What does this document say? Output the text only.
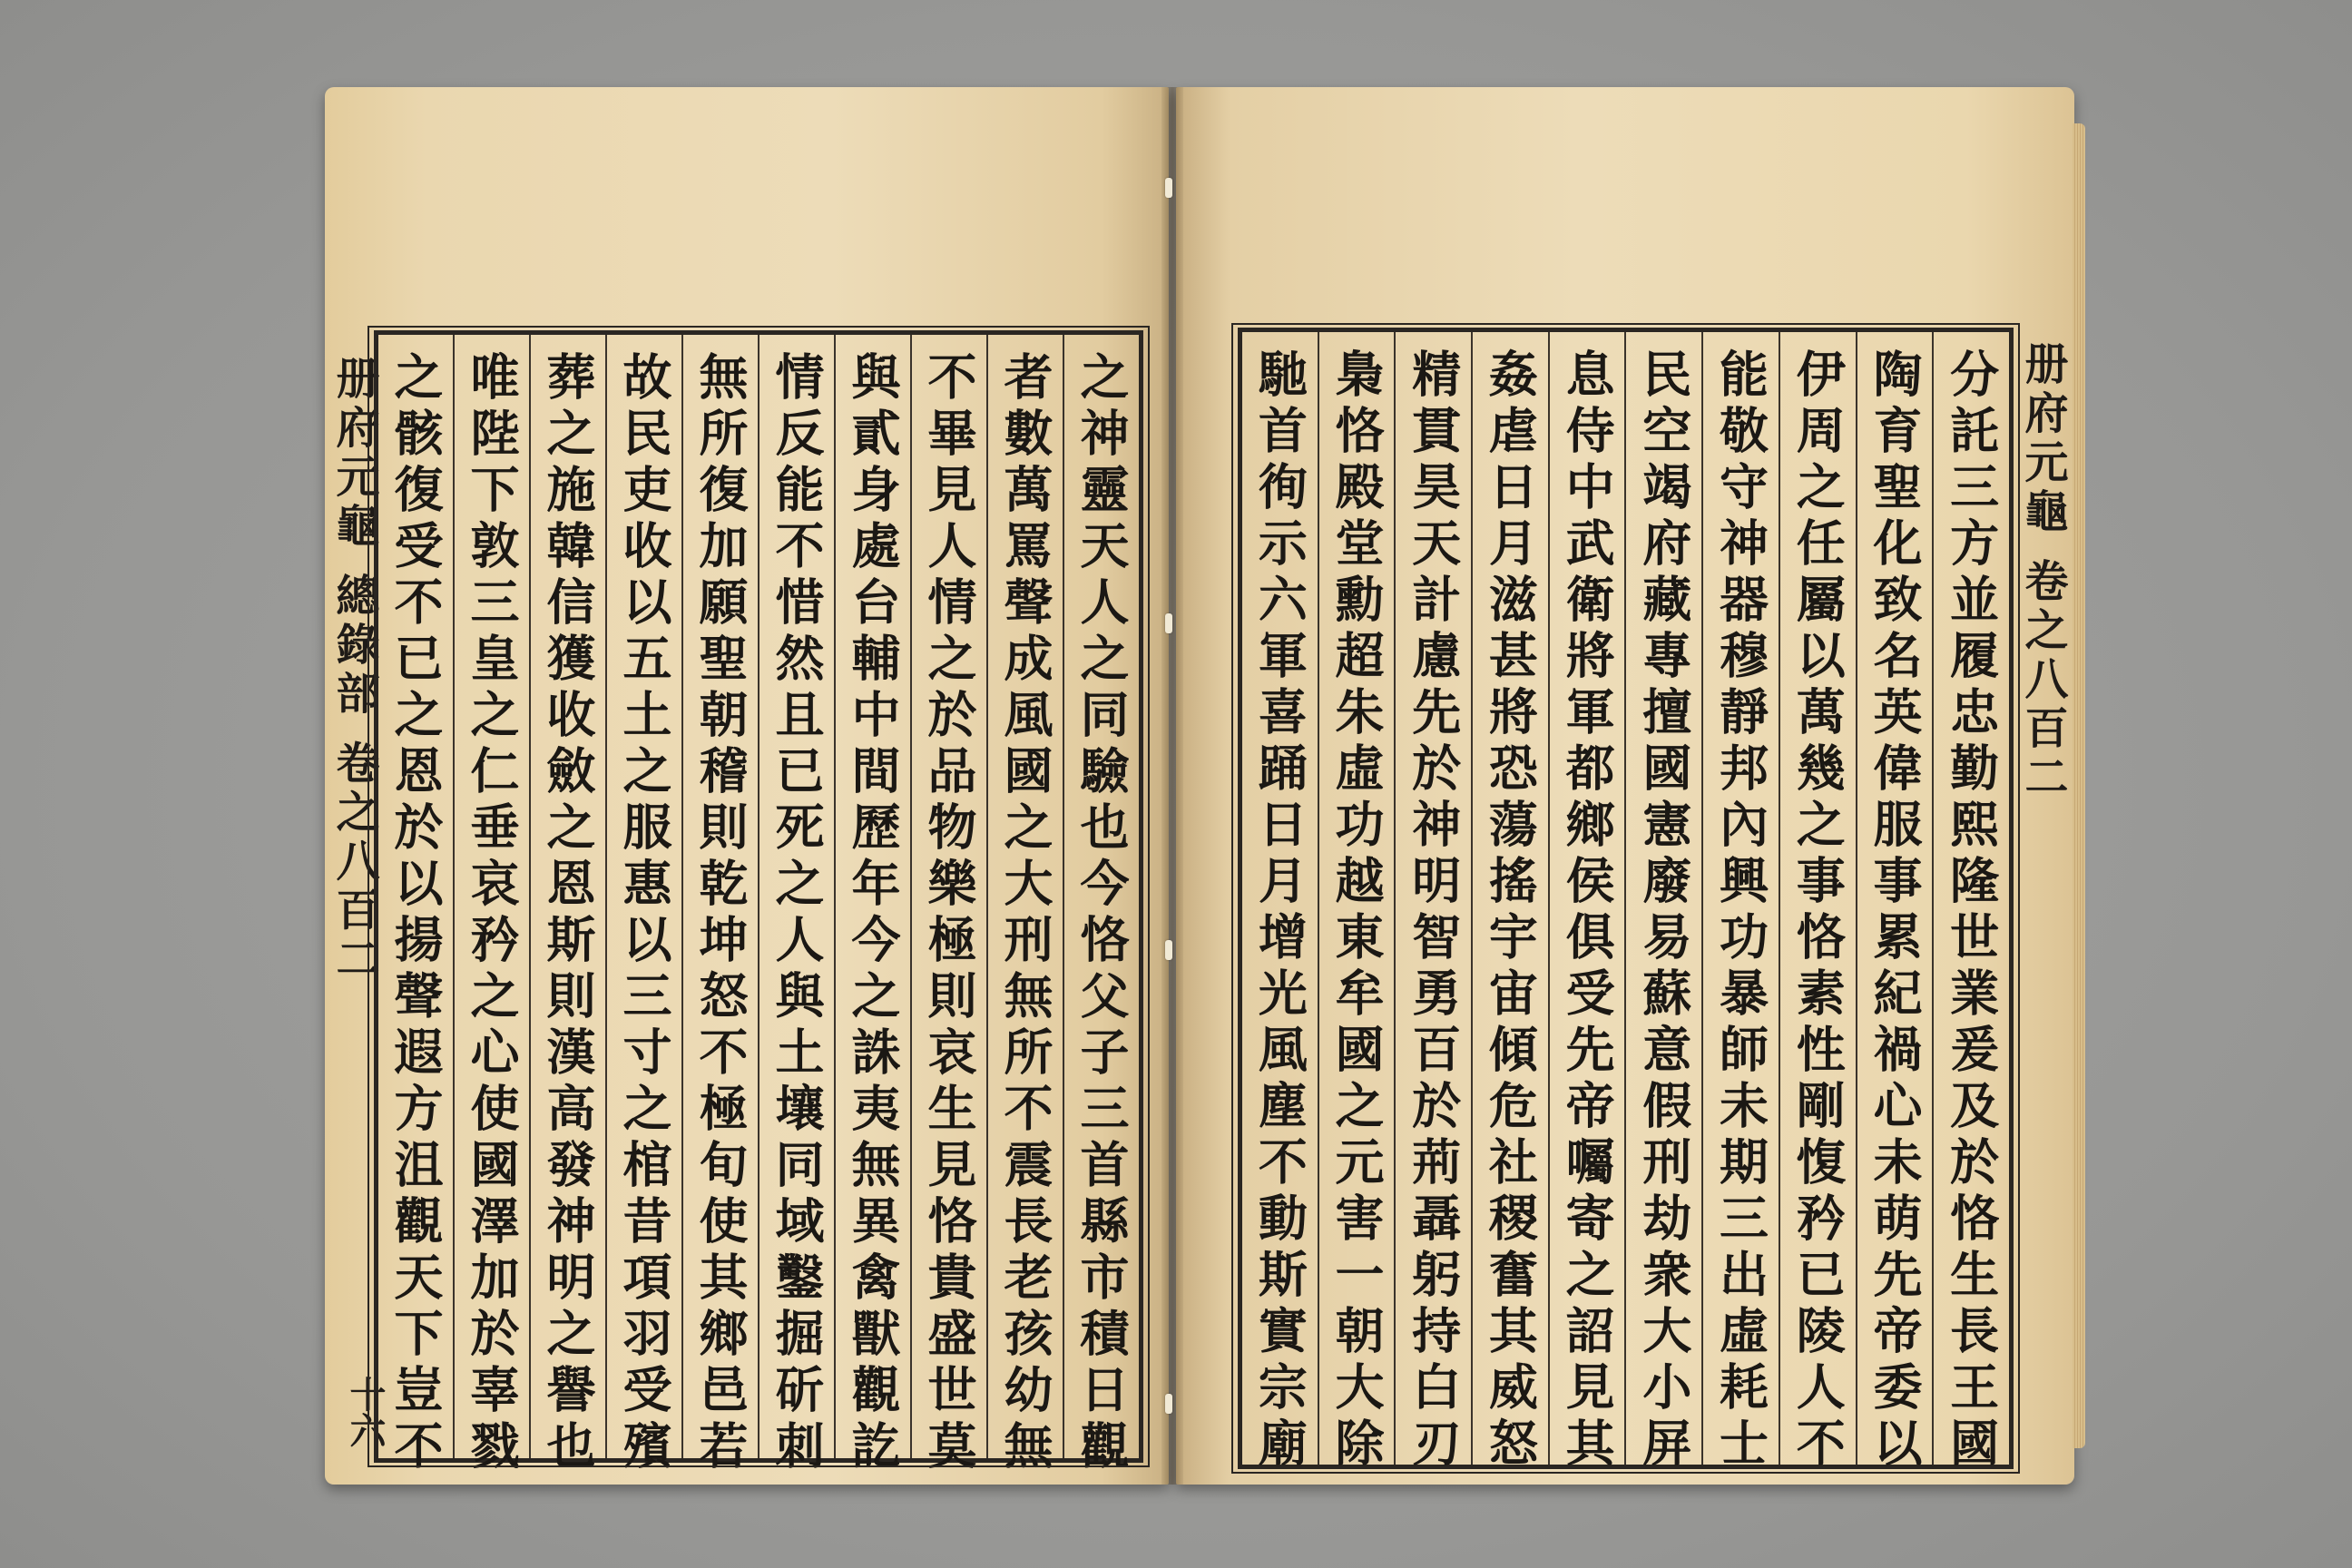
册府元龜 總錄部 卷之八百二
十六	之神靈天人之同驗也今恪父子三首縣市積日觀
者數萬罵聲成風國之大刑無所不震長老孩幼無
不畢見人情之於品物樂極則哀生見恪貴盛世莫
與貳身處台輔中間歷年今之誅夷無異禽獸觀訖
情反能不惜然且已死之人與土壤同域鑿掘斫刺
無所復加願聖朝稽則乾坤怒不極旬使其鄉邑若
故民吏收以五土之服惠以三寸之棺昔項羽受殯
葬之施韓信獲收斂之恩斯則漢高發神明之譽也
唯陛下敦三皇之仁垂哀矜之心使國澤加於辜戮
之骸復受不已之恩於以揚聲遐方沮觀天下豈不	册府元龜 卷之八百二
分託三方並履忠勤熙隆世業爰及於恪生長王國
陶育聖化致名英偉服事累紀禍心未萌先帝委以
伊周之任屬以萬幾之事恪素性剛愎矜已陵人不
能敬守神器穆靜邦內興功暴師未期三出虛耗士
民空竭府藏專擅國憲廢易蘇意假刑劫衆大小屏
息侍中武衛將軍都鄉侯俱受先帝囑寄之詔見其
姦虐日月滋甚將恐蕩搖宇宙傾危社稷奮其威怒
精貫昊天計慮先於神明智勇百於荊聶躬持白刃
梟恪殿堂勳超朱虛功越東牟國之元害一朝大除
馳首徇示六軍喜踊日月增光風塵不動斯實宗廟
